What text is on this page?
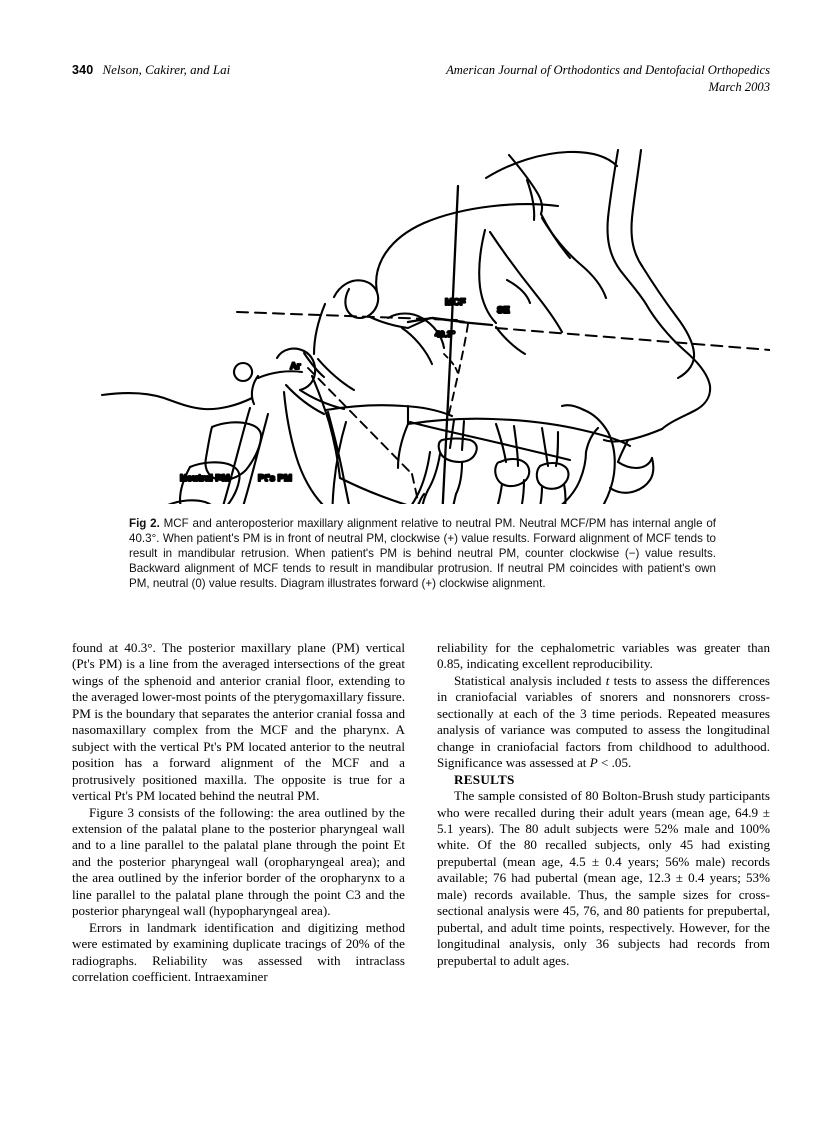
340 Nelson, Cakirer, and Lai	American Journal of Orthodontics and Dentofacial Orthopedics
March 2003
MCF
SE
40.3°
Ar
Neutral PM	Pt's PM
Fig 2. MCF and anteroposterior maxillary alignment relative to neutral PM. Neutral MCF/PM has internal angle of 40.3°. When patient's PM is in front of neutral PM, clockwise (+) value results. Forward alignment of MCF tends to result in mandibular retrusion. When patient's PM is behind neutral PM, counter clockwise (−) value results. Backward alignment of MCF tends to result in mandibular protrusion. If neutral PM coincides with patient's own PM, neutral (0) value results. Diagram illustrates forward (+) clockwise alignment.

found at 40.3°. The posterior maxillary plane (PM) vertical (Pt's PM) is a line from the averaged intersections of the great wings of the sphenoid and anterior cranial floor, extending to the averaged lower-most points of the pterygomaxillary fissure. PM is the boundary that separates the anterior cranial fossa and nasomaxillary complex from the MCF and the pharynx. A subject with the vertical Pt's PM located anterior to the neutral position has a forward alignment of the MCF and a protrusively positioned maxilla. The opposite is true for a vertical Pt's PM located behind the neutral PM.

Figure 3 consists of the following: the area outlined by the extension of the palatal plane to the posterior pharyngeal wall and to a line parallel to the palatal plane through the point Et and the posterior pharyngeal wall (oropharyngeal area); and the area outlined by the inferior border of the oropharynx to a line parallel to the palatal plane through the point C3 and the posterior pharyngeal wall (hypopharyngeal area).

Errors in landmark identification and digitizing method were estimated by examining duplicate tracings of 20% of the radiographs. Reliability was assessed with intraclass correlation coefficient. Intraexaminer

reliability for the cephalometric variables was greater than 0.85, indicating excellent reproducibility.

Statistical analysis included t tests to assess the differences in craniofacial variables of snorers and nonsnorers cross-sectionally at each of the 3 time periods. Repeated measures analysis of variance was computed to assess the longitudinal change in craniofacial factors from childhood to adulthood. Significance was assessed at P < .05.

RESULTS

The sample consisted of 80 Bolton-Brush study participants who were recalled during their adult years (mean age, 64.9 ± 5.1 years). The 80 adult subjects were 52% male and 100% white. Of the 80 recalled subjects, only 45 had existing prepubertal (mean age, 4.5 ± 0.4 years; 56% male) records available; 76 had pubertal (mean age, 12.3 ± 0.4 years; 53% male) records available. Thus, the sample sizes for cross-sectional analysis were 45, 76, and 80 patients for prepubertal, pubertal, and adult time points, respectively. However, for the longitudinal analysis, only 36 subjects had records from prepubertal to adult ages.
